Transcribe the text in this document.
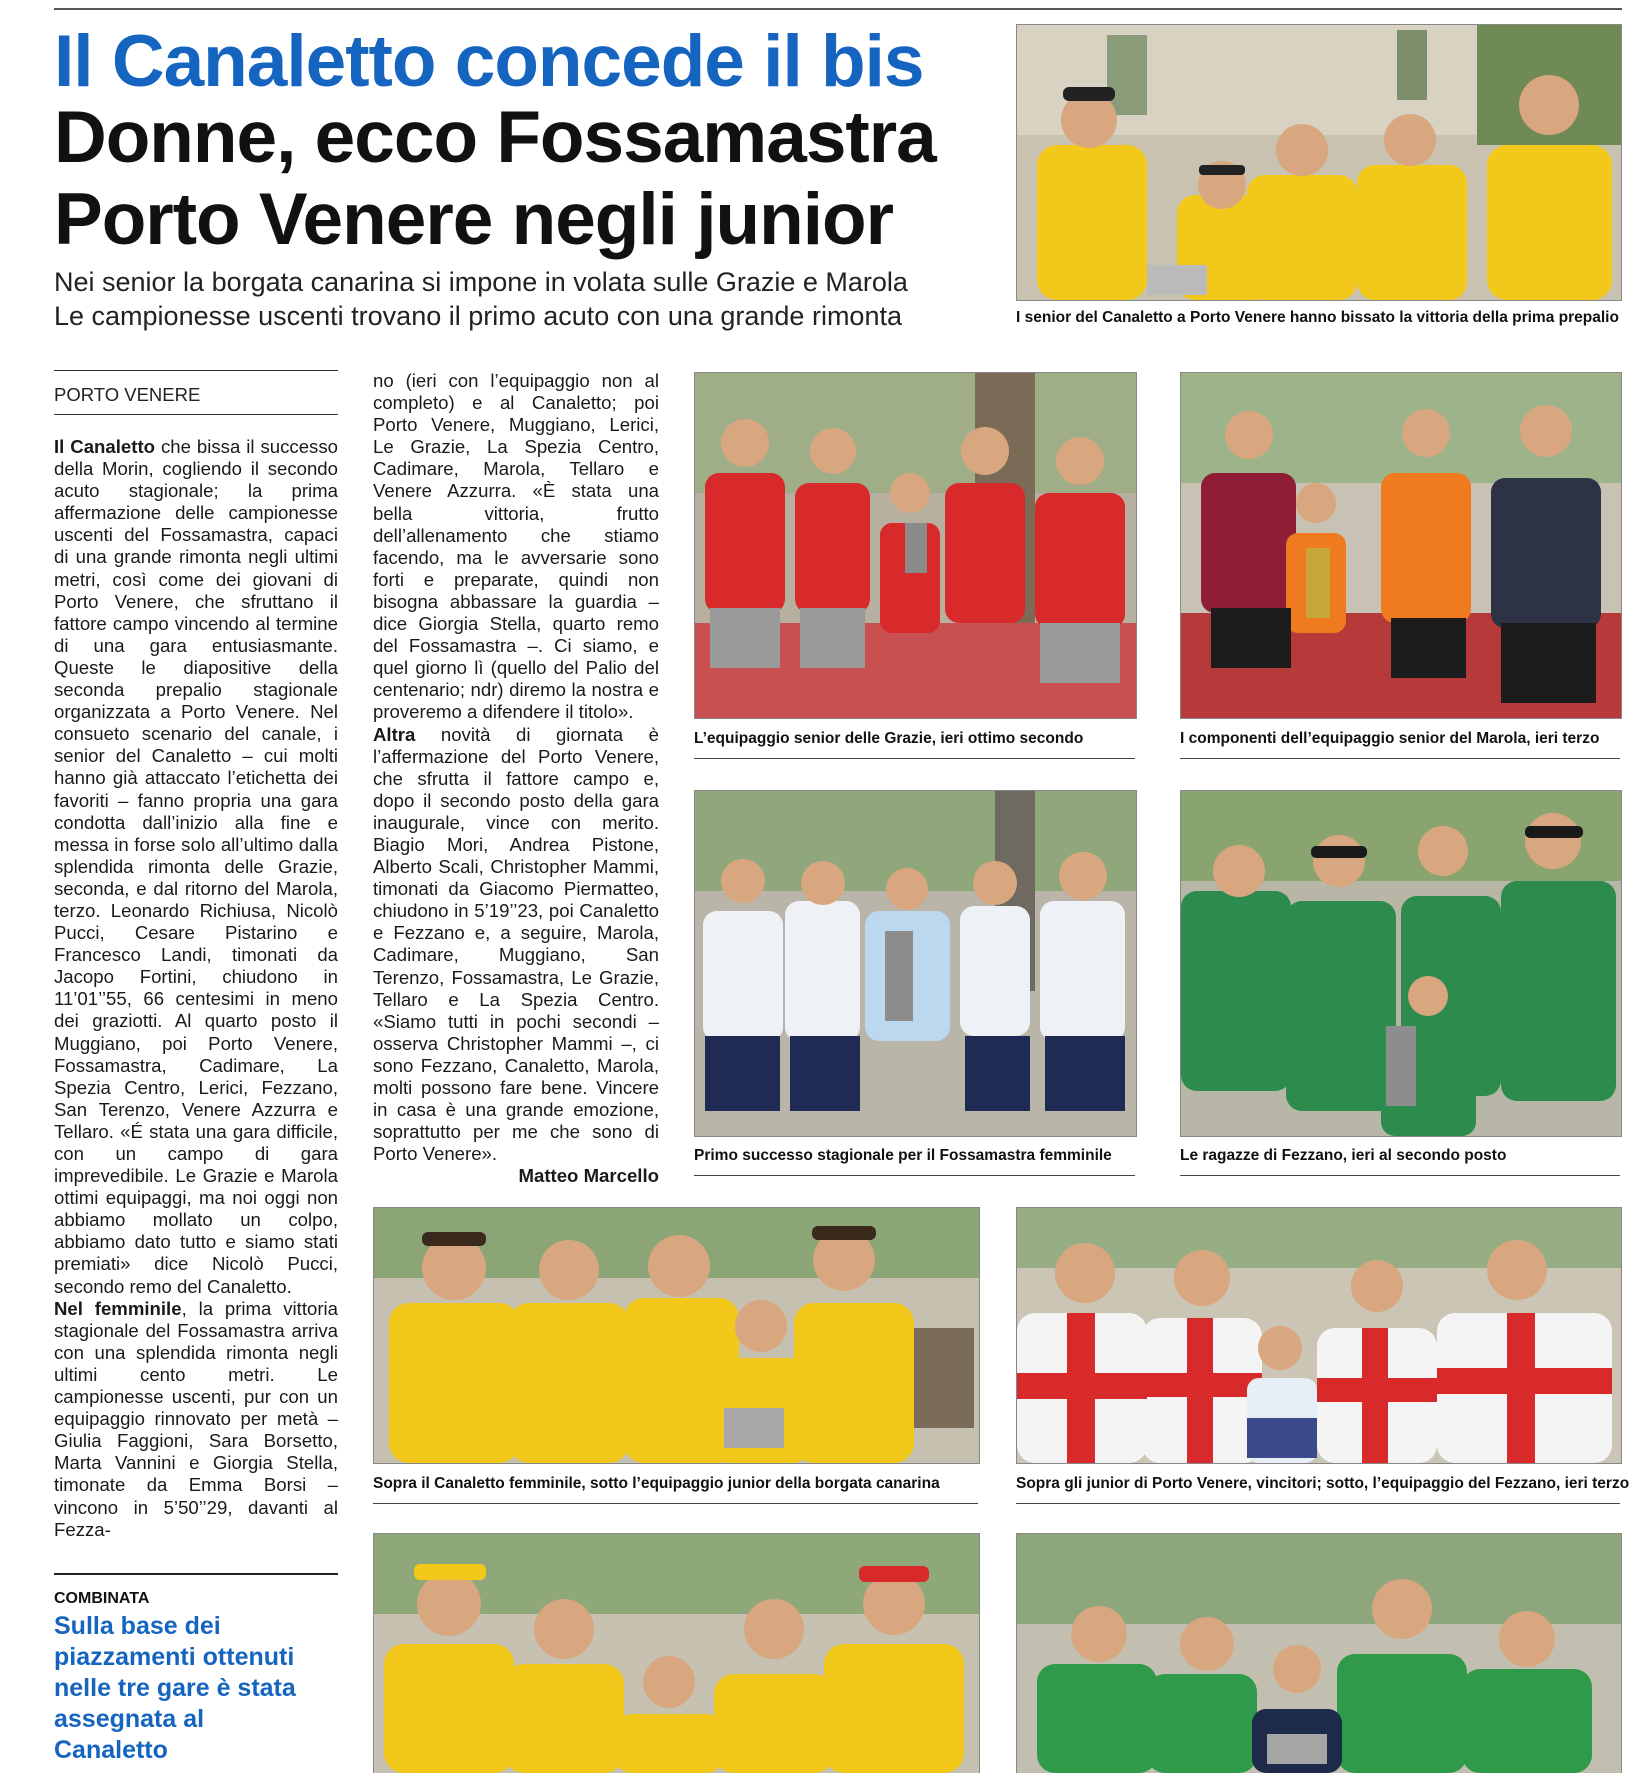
Il Canaletto concede il bis
Donne, ecco Fossamastra
Porto Venere negli junior
Nei senior la borgata canarina si impone in volata sulle Grazie e Marola
Le campionesse uscenti trovano il primo acuto con una grande rimonta	I senior del Canaletto a Porto Venere hanno bissato la vittoria della prima prepalio
PORTO VENERE

Il Canaletto che bissa il successo della Morin, cogliendo il secondo acuto stagionale; la prima affermazione delle campionesse uscenti del Fossamastra, capaci di una grande rimonta negli ultimi metri, così come dei giovani di Porto Venere, che sfruttano il fattore campo vincendo al termine di una gara entusiasmante. Queste le diapositive della seconda prepalio stagionale organizzata a Porto Venere. Nel consueto scenario del canale, i senior del Canaletto – cui molti hanno già attaccato l’etichetta dei favoriti – fanno propria una gara condotta dall’inizio alla fine e messa in forse solo all’ultimo dalla splendida rimonta delle Grazie, seconda, e dal ritorno del Marola, terzo. Leonardo Richiusa, Nicolò Pucci, Cesare Pistarino e Francesco Landi, timonati da Jacopo Fortini, chiudono in 11’01’’55, 66 centesimi in meno dei graziotti. Al quarto posto il Muggiano, poi Porto Venere, Fossamastra, Cadimare, La Spezia Centro, Lerici, Fezzano, San Terenzo, Venere Azzurra e Tellaro. «É stata una gara difficile, con un campo di gara imprevedibile. Le Grazie e Marola ottimi equipaggi, ma noi oggi non abbiamo mollato un colpo, abbiamo dato tutto e siamo stati premiati» dice Nicolò Pucci, secondo remo del Canaletto.

Nel femminile, la prima vittoria stagionale del Fossamastra arriva con una splendida rimonta negli ultimi cento metri. Le campionesse uscenti, pur con un equipaggio rinnovato per metà – Giulia Faggioni, Sara Borsetto, Marta Vannini e Giorgia Stella, timonate da Emma Borsi – vincono in 5’50’’29, davanti al Fezza-

COMBINATA
Sulla base dei piazzamenti ottenuti nelle tre gare è stata assegnata al Canaletto

no (ieri con l’equipaggio non al completo) e al Canaletto; poi Porto Venere, Muggiano, Lerici, Le Grazie, La Spezia Centro, Cadimare, Marola, Tellaro e Venere Azzurra. «È stata una bella vittoria, frutto dell’allenamento che stiamo facendo, ma le avversarie sono forti e preparate, quindi non bisogna abbassare la guardia – dice Giorgia Stella, quarto remo del Fossamastra –. Ci siamo, e quel giorno lì (quello del Palio del centenario; ndr) diremo la nostra e proveremo a difendere il titolo».

Altra novità di giornata è l’affermazione del Porto Venere, che sfrutta il fattore campo e, dopo il secondo posto della gara inaugurale, vince con merito. Biagio Mori, Andrea Pistone, Alberto Scali, Christopher Mammi, timonati da Giacomo Piermatteo, chiudono in 5’19’’23, poi Canaletto e Fezzano e, a seguire, Marola, Cadimare, Muggiano, San Terenzo, Fossamastra, Le Grazie, Tellaro e La Spezia Centro. «Siamo tutti in pochi secondi – osserva Christopher Mammi –, ci sono Fezzano, Canaletto, Marola, molti possono fare bene. Vincere in casa è una grande emozione, soprattutto per me che sono di Porto Venere».

Matteo Marcello

L’equipaggio senior delle Grazie, ieri ottimo secondo	I componenti dell’equipaggio senior del Marola, ieri terzo
Primo successo stagionale per il Fossamastra femminile	Le ragazze di Fezzano, ieri al secondo posto
Sopra il Canaletto femminile, sotto l’equipaggio junior della borgata canarina	Sopra gli junior di Porto Venere, vincitori; sotto, l’equipaggio del Fezzano, ieri terzo
